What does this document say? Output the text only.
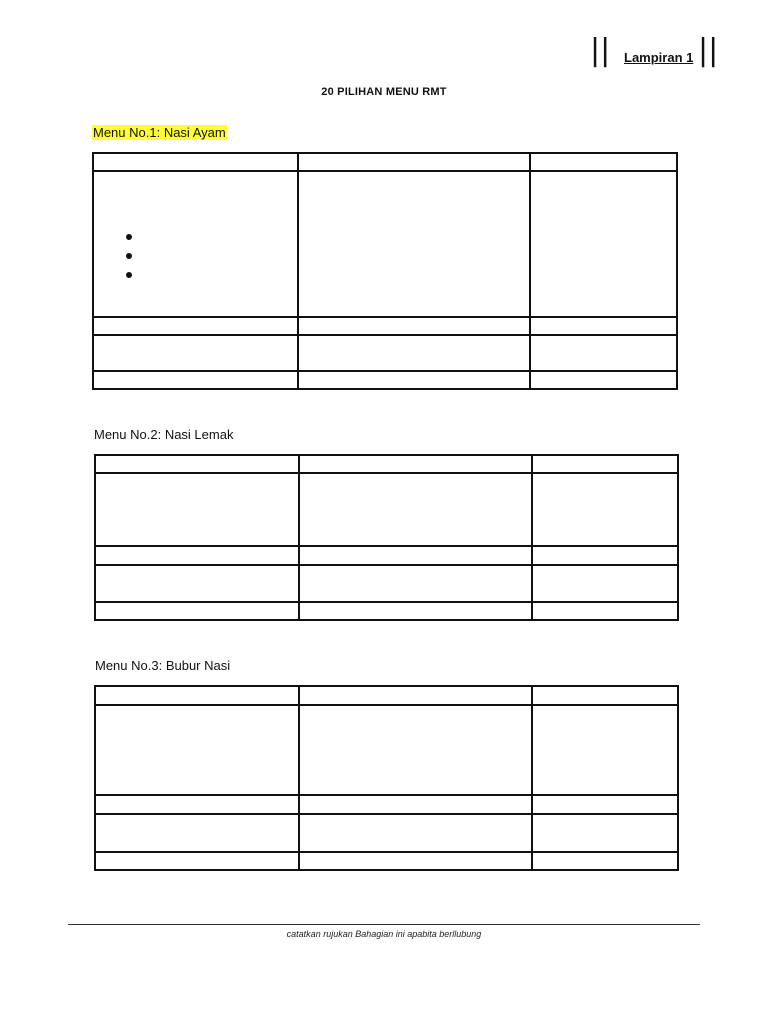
|| Lampiran 1 ||
20 PILIHAN MENU RMT
Menu No.1: Nasi Ayam

Menu No.2: Nasi Lemak

Menu No.3: Bubur Nasi

catatkan rujukan Bahagian ini apabita berllubung
